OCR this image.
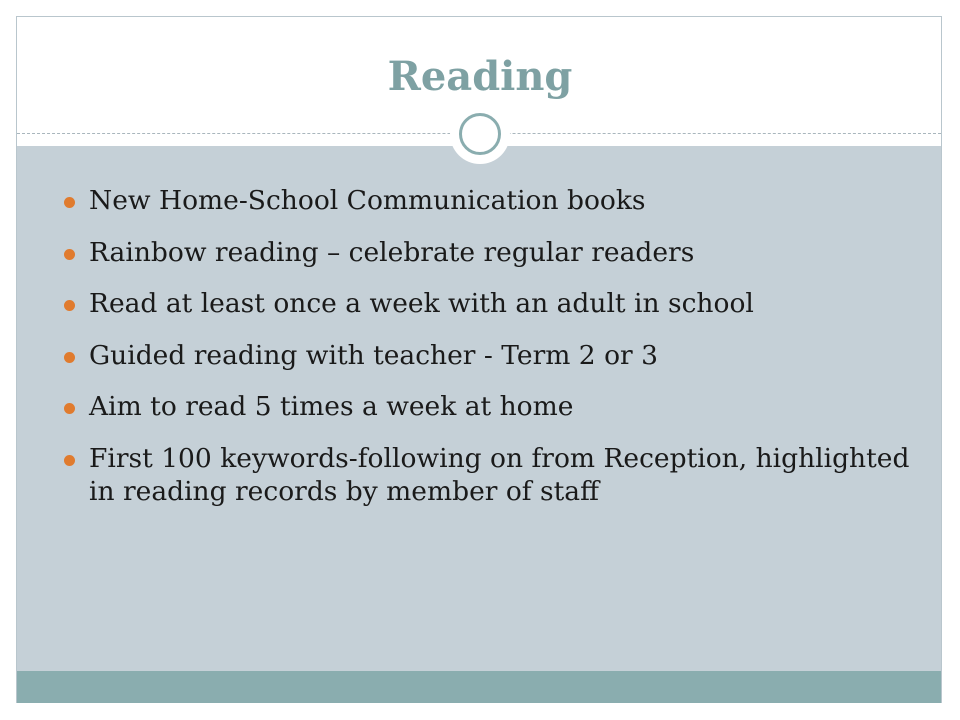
Reading
New Home-School Communication books
Rainbow reading – celebrate regular readers
Read at least once a week with an adult in school
Guided reading with teacher - Term 2 or 3
Aim to read 5 times a week at home
First 100 keywords-following on from Reception, highlighted in reading records by member of staff
